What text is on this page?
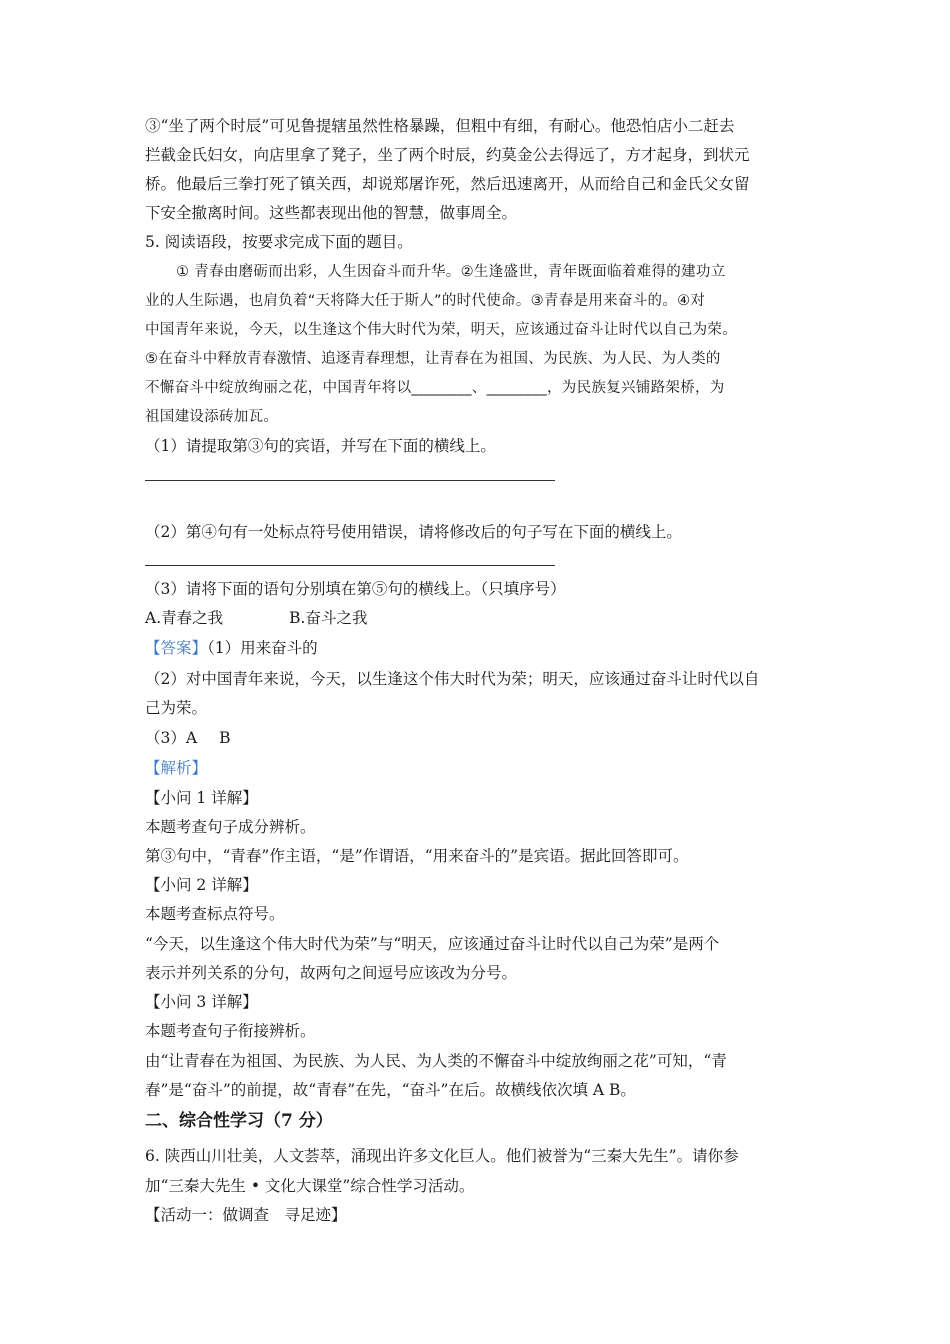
③“坐了两个时辰”可见鲁提辖虽然性格暴躁，但粗中有细，有耐心。他恐怕店小二赶去
拦截金氏妇女，向店里拿了凳子，坐了两个时辰，约莫金公去得远了，方才起身，到状元
桥。他最后三拳打死了镇关西，却说郑屠诈死，然后迅速离开，从而给自己和金氏父女留
下安全撤离时间。这些都表现出他的智慧，做事周全。
5. 阅读语段，按要求完成下面的题目。
① 青春由磨砺而出彩，人生因奋斗而升华。②生逢盛世，青年既面临着难得的建功立
业的人生际遇，也肩负着“天将降大任于斯人”的时代使命。③青春是用来奋斗的。④对
中国青年来说，今天，以生逢这个伟大时代为荣，明天，应该通过奋斗让时代以自己为荣。
⑤在奋斗中释放青春激情、追逐青春理想，让青春在为祖国、为民族、为人民、为人类的
不懈奋斗中绽放绚丽之花，中国青年将以________、________，为民族复兴铺路架桥，为
祖国建设添砖加瓦。
（1）请提取第③句的宾语，并写在下面的横线上。
（2）第④句有一处标点符号使用错误，请将修改后的句子写在下面的横线上。
（3）请将下面的语句分别填在第⑤句的横线上。（只填序号）
A.青春之我	B.奋斗之我
【答案】（1）用来奋斗的
（2）对中国青年来说，今天，以生逢这个伟大时代为荣；明天，应该通过奋斗让时代以自
己为荣。
（3）A B
【解析】
【小问 1 详解】
本题考查句子成分辨析。
第③句中，“青春”作主语，“是”作谓语，“用来奋斗的”是宾语。据此回答即可。
【小问 2 详解】
本题考查标点符号。
“今天，以生逢这个伟大时代为荣”与“明天，应该通过奋斗让时代以自己为荣”是两个
表示并列关系的分句，故两句之间逗号应该改为分号。
【小问 3 详解】
本题考查句子衔接辨析。
由“让青春在为祖国、为民族、为人民、为人类的不懈奋斗中绽放绚丽之花”可知，“青
春”是“奋斗”的前提，故“青春”在先，“奋斗”在后。故横线依次填 A B。
二、综合性学习（7 分）
6. 陕西山川壮美，人文荟萃，涌现出许多文化巨人。他们被誉为“三秦大先生”。请你参
加“三秦大先生 • 文化大课堂”综合性学习活动。
【活动一：做调查　寻足迹】
